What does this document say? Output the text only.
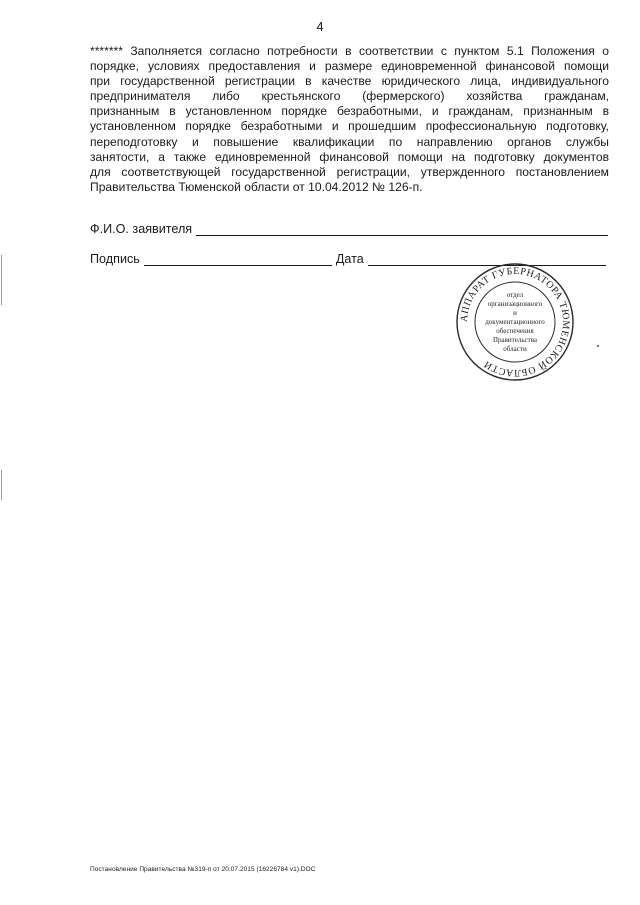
4
******* Заполняется согласно потребности в соответствии с пунктом 5.1 Положения о
порядке, условиях предоставления и размере единовременной финансовой помощи
при государственной регистрации в качестве юридического лица, индивидуального
предпринимателя либо крестьянского (фермерского) хозяйства гражданам,
признанным в установленном порядке безработными, и гражданам, признанным в
установленном порядке безработными и прошедшим профессиональную подготовку,
переподготовку и повышение квалификации по направлению органов службы
занятости, а также единовременной финансовой помощи на подготовку документов
для соответствующей государственной регистрации, утвержденного постановлением
Правительства Тюменской области от 10.04.2012 № 126-п.
Ф.И.О. заявителя
Подпись	Дата
АППАРАТ ГУБЕРНАТОРА ТЮМЕНСКОЙ ОБЛАСТИ
отдел
организационного
и
документационного
обеспечения
Правительства
области
Постановление Правительства №319-п от 20.07.2015 (16226784 v1).DOC
